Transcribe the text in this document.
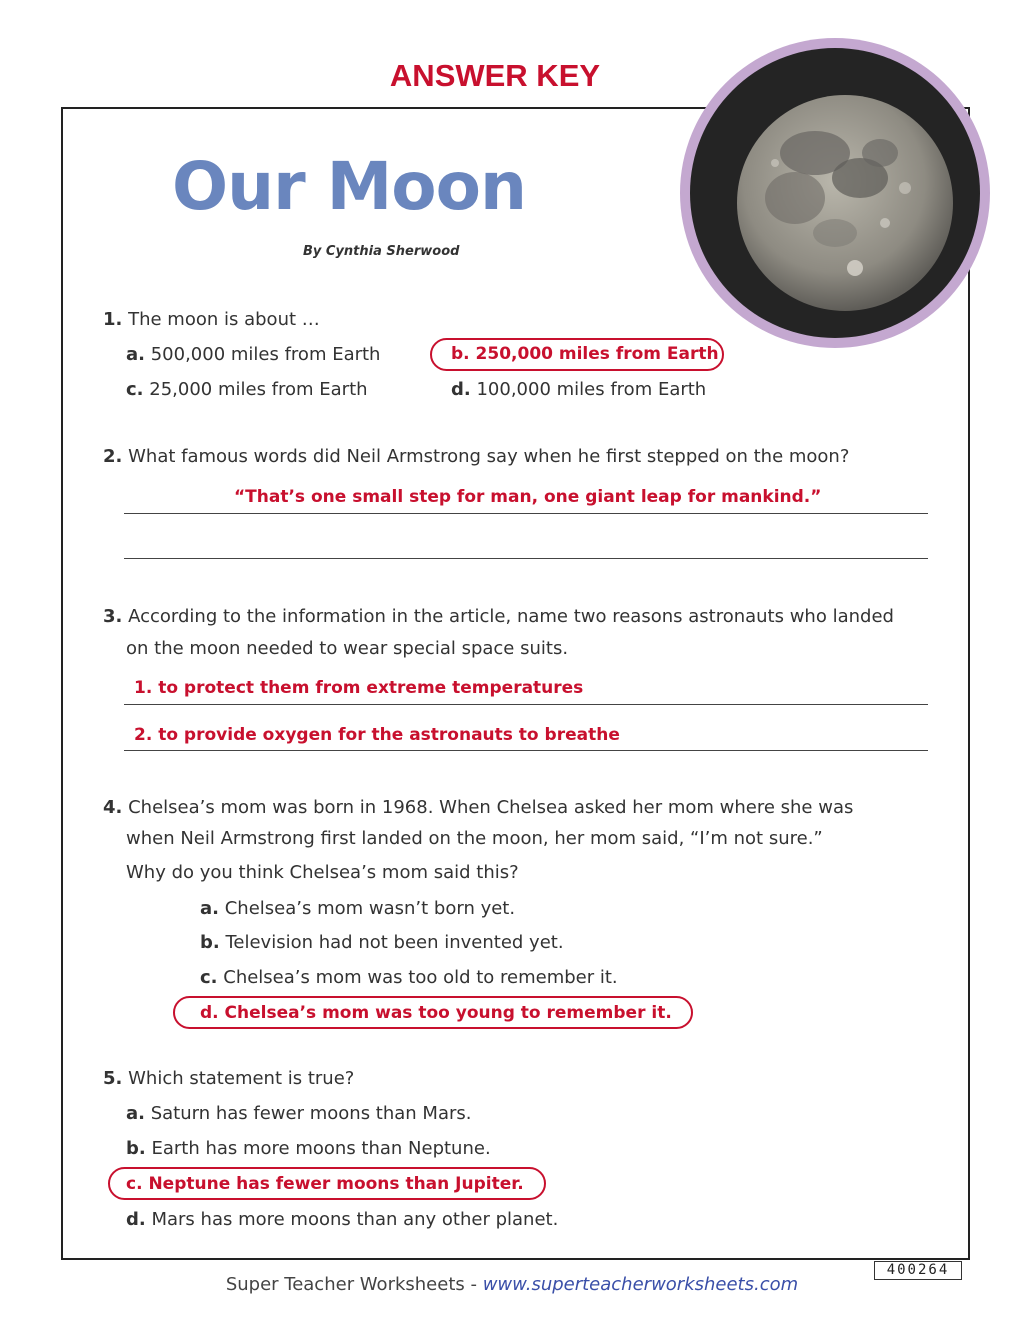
ANSWER KEY
Our Moon
By Cynthia Sherwood
1. The moon is about …
a. 500,000 miles from Earth	b. 250,000 miles from Earth
c. 25,000 miles from Earth	d. 100,000 miles from Earth
2. What famous words did Neil Armstrong say when he first stepped on the moon?
“That’s one small step for man, one giant leap for mankind.”
3. According to the information in the article, name two reasons astronauts who landed
on the moon needed to wear special space suits.
1. to protect them from extreme temperatures
2. to provide oxygen for the astronauts to breathe
4. Chelsea’s mom was born in 1968. When Chelsea asked her mom where she was
when Neil Armstrong first landed on the moon, her mom said, “I’m not sure.”
Why do you think Chelsea’s mom said this?
a. Chelsea’s mom wasn’t born yet.
b. Television had not been invented yet.
c. Chelsea’s mom was too old to remember it.
d. Chelsea’s mom was too young to remember it.
5. Which statement is true?
a. Saturn has fewer moons than Mars.
b. Earth has more moons than Neptune.
c. Neptune has fewer moons than Jupiter.
d. Mars has more moons than any other planet.
400264
Super Teacher Worksheets - www.superteacherworksheets.com
